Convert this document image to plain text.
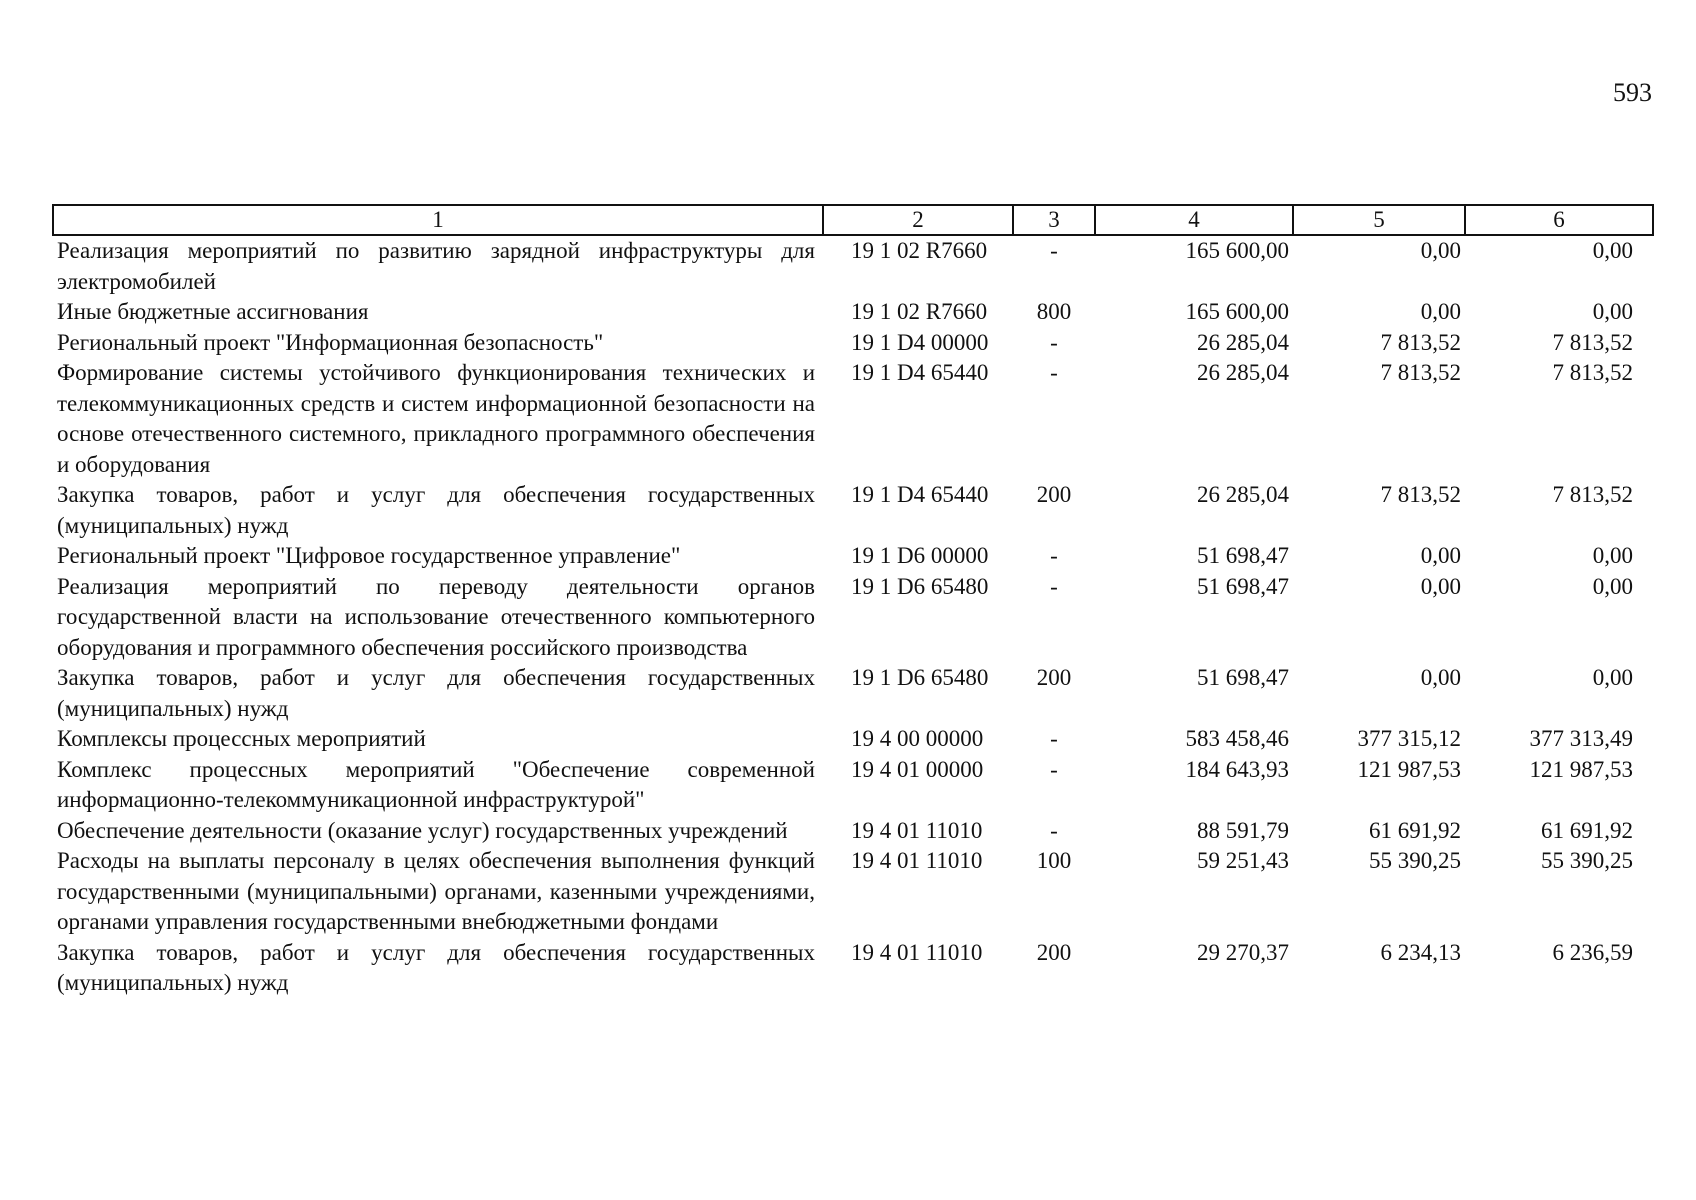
593
1	2	3	4	5	6
Реализация мероприятий по развитию зарядной инфраструктуры для электромобилей	19 1 02 R7660	-	165 600,00	0,00	0,00
Иные бюджетные ассигнования	19 1 02 R7660	800	165 600,00	0,00	0,00
Региональный проект "Информационная безопасность"	19 1 D4 00000	-	26 285,04	7 813,52	7 813,52
Формирование системы устойчивого функционирования технических и телекоммуникационных средств и систем информационной безопасности на основе отечественного системного, прикладного программного обеспечения и оборудования	19 1 D4 65440	-	26 285,04	7 813,52	7 813,52
Закупка товаров, работ и услуг для обеспечения государственных (муниципальных) нужд	19 1 D4 65440	200	26 285,04	7 813,52	7 813,52
Региональный проект "Цифровое государственное управление"	19 1 D6 00000	-	51 698,47	0,00	0,00
Реализация мероприятий по переводу деятельности органов государственной власти на использование отечественного компьютерного оборудования и программного обеспечения российского производства	19 1 D6 65480	-	51 698,47	0,00	0,00
Закупка товаров, работ и услуг для обеспечения государственных (муниципальных) нужд	19 1 D6 65480	200	51 698,47	0,00	0,00
Комплексы процессных мероприятий	19 4 00 00000	-	583 458,46	377 315,12	377 313,49
Комплекс процессных мероприятий "Обеспечение современной информационно-телекоммуникационной инфраструктурой"	19 4 01 00000	-	184 643,93	121 987,53	121 987,53
Обеспечение деятельности (оказание услуг) государственных учреждений	19 4 01 11010	-	88 591,79	61 691,92	61 691,92
Расходы на выплаты персоналу в целях обеспечения выполнения функций государственными (муниципальными) органами, казенными учреждениями, органами управления государственными внебюджетными фондами	19 4 01 11010	100	59 251,43	55 390,25	55 390,25
Закупка товаров, работ и услуг для обеспечения государственных (муниципальных) нужд	19 4 01 11010	200	29 270,37	6 234,13	6 236,59
